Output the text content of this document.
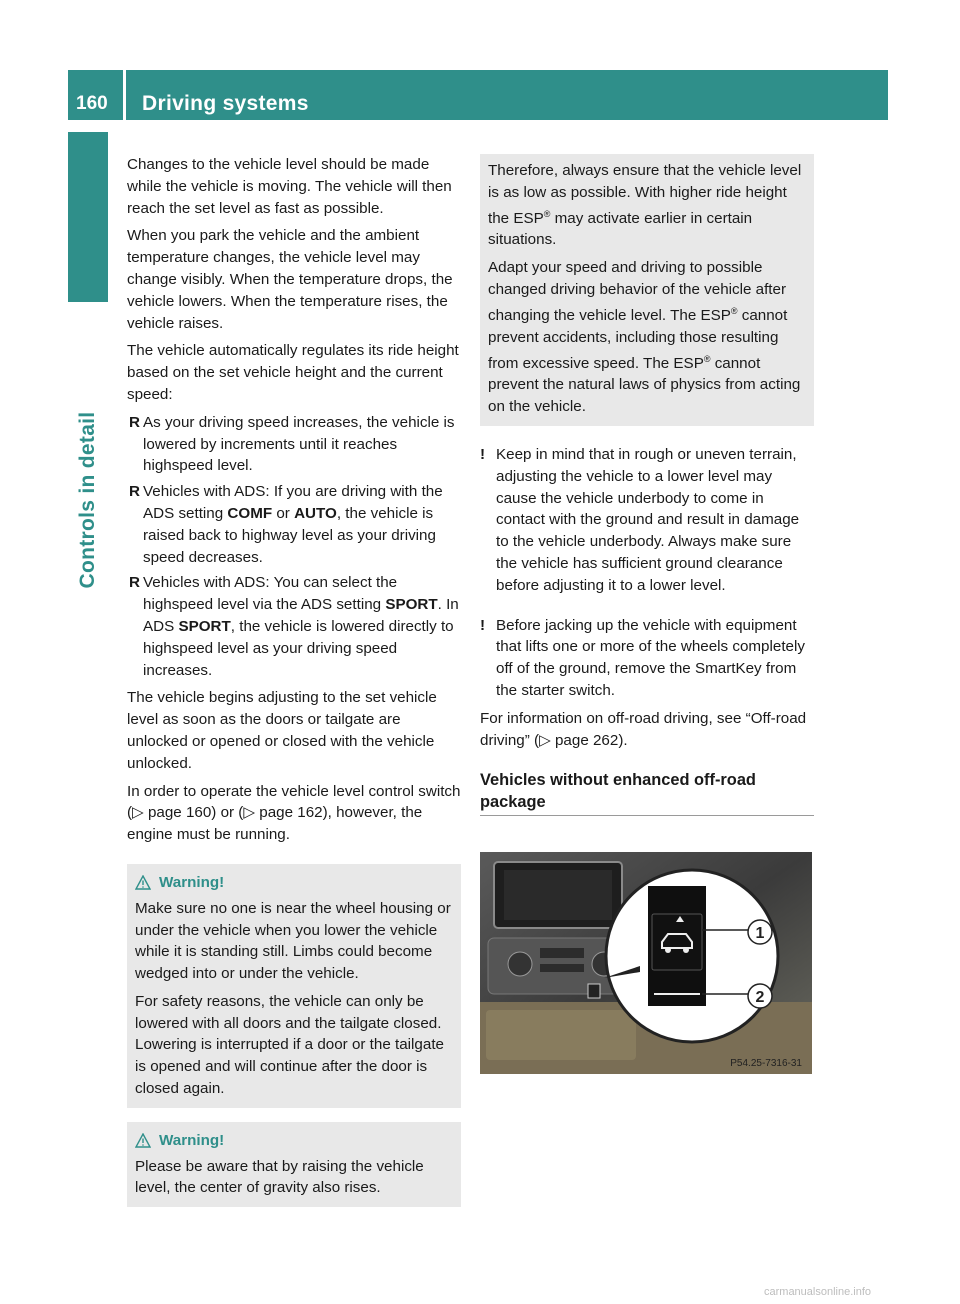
160	Driving systems
Controls in detail

Changes to the vehicle level should be made while the vehicle is moving. The vehicle will then reach the set level as fast as possible.

When you park the vehicle and the ambient temperature changes, the vehicle level may change visibly. When the temperature drops, the vehicle lowers. When the temperature rises, the vehicle raises.

The vehicle automatically regulates its ride height based on the set vehicle height and the current speed:

R As your driving speed increases, the vehicle is lowered by increments until it reaches highspeed level.
R Vehicles with ADS: If you are driving with the ADS setting COMF or AUTO, the vehicle is raised back to highway level as your driving speed decreases.
R Vehicles with ADS: You can select the highspeed level via the ADS setting SPORT. In ADS SPORT, the vehicle is lowered directly to highspeed level as your driving speed increases.

The vehicle begins adjusting to the set vehicle level as soon as the doors or tailgate are unlocked or opened or closed with the vehicle unlocked.

In order to operate the vehicle level control switch (▷ page 160) or (▷ page 162), however, the engine must be running.

Warning!

Make sure no one is near the wheel housing or under the vehicle when you lower the vehicle while it is standing still. Limbs could become wedged into or under the vehicle.

For safety reasons, the vehicle can only be lowered with all doors and the tailgate closed. Lowering is interrupted if a door or the tailgate is opened and will continue after the door is closed again.

Warning!

Please be aware that by raising the vehicle level, the center of gravity also rises.

Therefore, always ensure that the vehicle level is as low as possible. With higher ride height the ESP® may activate earlier in certain situations.

Adapt your speed and driving to possible changed driving behavior of the vehicle after changing the vehicle level. The ESP® cannot prevent accidents, including those resulting from excessive speed. The ESP® cannot prevent the natural laws of physics from acting on the vehicle.

! Keep in mind that in rough or uneven terrain, adjusting the vehicle to a lower level may cause the vehicle underbody to come in contact with the ground and result in damage to the vehicle underbody. Always make sure the vehicle has sufficient ground clearance before adjusting it to a lower level.
! Before jacking up the vehicle with equipment that lifts one or more of the wheels completely off of the ground, remove the SmartKey from the starter switch.

For information on off-road driving, see “Off-road driving” (▷ page 262).

Vehicles without enhanced off-road package
1
2
P54.25-7316-31
carmanualsonline.info
